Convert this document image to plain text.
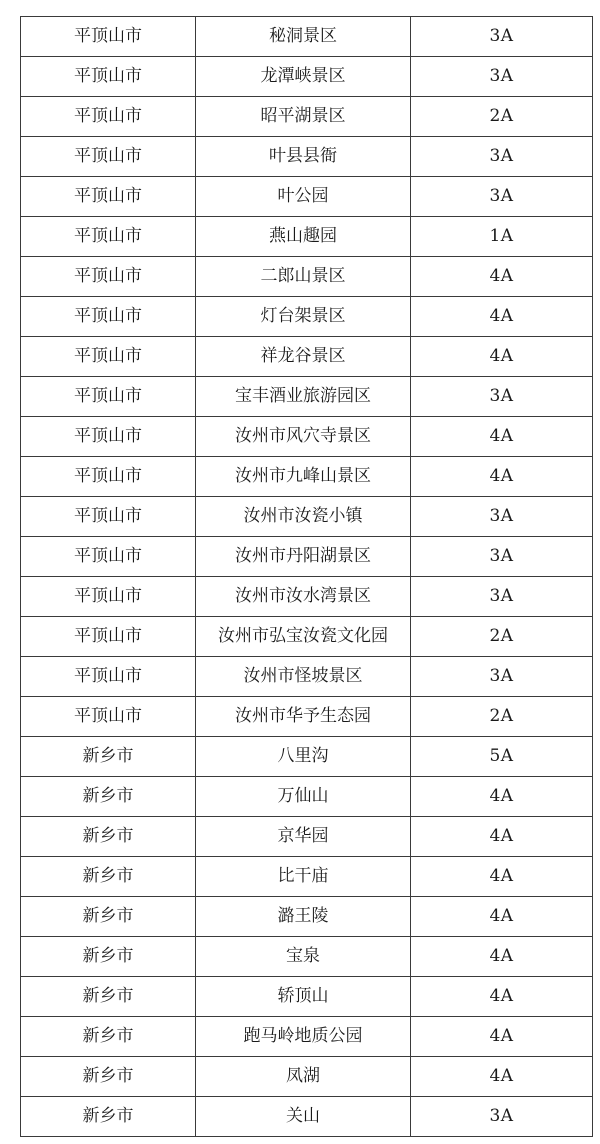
平顶山市	秘洞景区	3A
平顶山市	龙潭峡景区	3A
平顶山市	昭平湖景区	2A
平顶山市	叶县县衙	3A
平顶山市	叶公园	3A
平顶山市	燕山趣园	1A
平顶山市	二郎山景区	4A
平顶山市	灯台架景区	4A
平顶山市	祥龙谷景区	4A
平顶山市	宝丰酒业旅游园区	3A
平顶山市	汝州市风穴寺景区	4A
平顶山市	汝州市九峰山景区	4A
平顶山市	汝州市汝瓷小镇	3A
平顶山市	汝州市丹阳湖景区	3A
平顶山市	汝州市汝水湾景区	3A
平顶山市	汝州市弘宝汝瓷文化园	2A
平顶山市	汝州市怪坡景区	3A
平顶山市	汝州市华予生态园	2A
新乡市	八里沟	5A
新乡市	万仙山	4A
新乡市	京华园	4A
新乡市	比干庙	4A
新乡市	潞王陵	4A
新乡市	宝泉	4A
新乡市	轿顶山	4A
新乡市	跑马岭地质公园	4A
新乡市	凤湖	4A
新乡市	关山	3A
